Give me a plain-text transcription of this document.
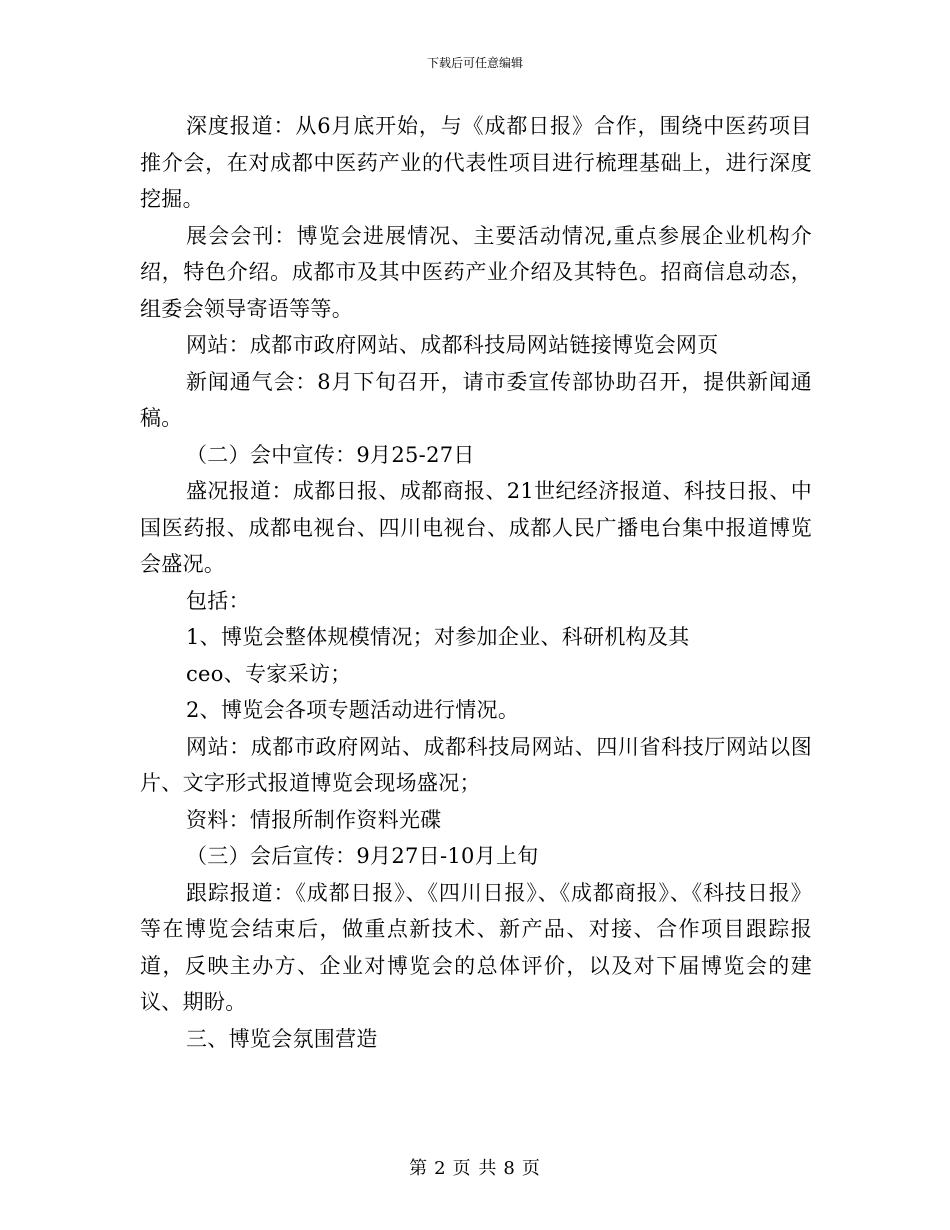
下载后可任意编辑

深度报道：从6月底开始，与《成都日报》合作，围绕中医药项目推介会，在对成都中医药产业的代表性项目进行梳理基础上，进行深度挖掘。

展会会刊：博览会进展情况、主要活动情况,重点参展企业机构介绍，特色介绍。成都市及其中医药产业介绍及其特色。招商信息动态，组委会领导寄语等等。

网站：成都市政府网站、成都科技局网站链接博览会网页

新闻通气会：8月下旬召开，请市委宣传部协助召开，提供新闻通稿。

（二）会中宣传：9月25-27日

盛况报道：成都日报、成都商报、21世纪经济报道、科技日报、中国医药报、成都电视台、四川电视台、成都人民广播电台集中报道博览会盛况。

包括：

1、博览会整体规模情况；对参加企业、科研机构及其

ceo、专家采访；

2、博览会各项专题活动进行情况。

网站：成都市政府网站、成都科技局网站、四川省科技厅网站以图片、文字形式报道博览会现场盛况；

资料：情报所制作资料光碟

（三）会后宣传：9月27日-10月上旬

跟踪报道：《成都日报》、《四川日报》、《成都商报》、《科技日报》等在博览会结束后，做重点新技术、新产品、对接、合作项目跟踪报道，反映主办方、企业对博览会的总体评价，以及对下届博览会的建议、期盼。

三、博览会氛围营造

第 2 页 共 8 页
